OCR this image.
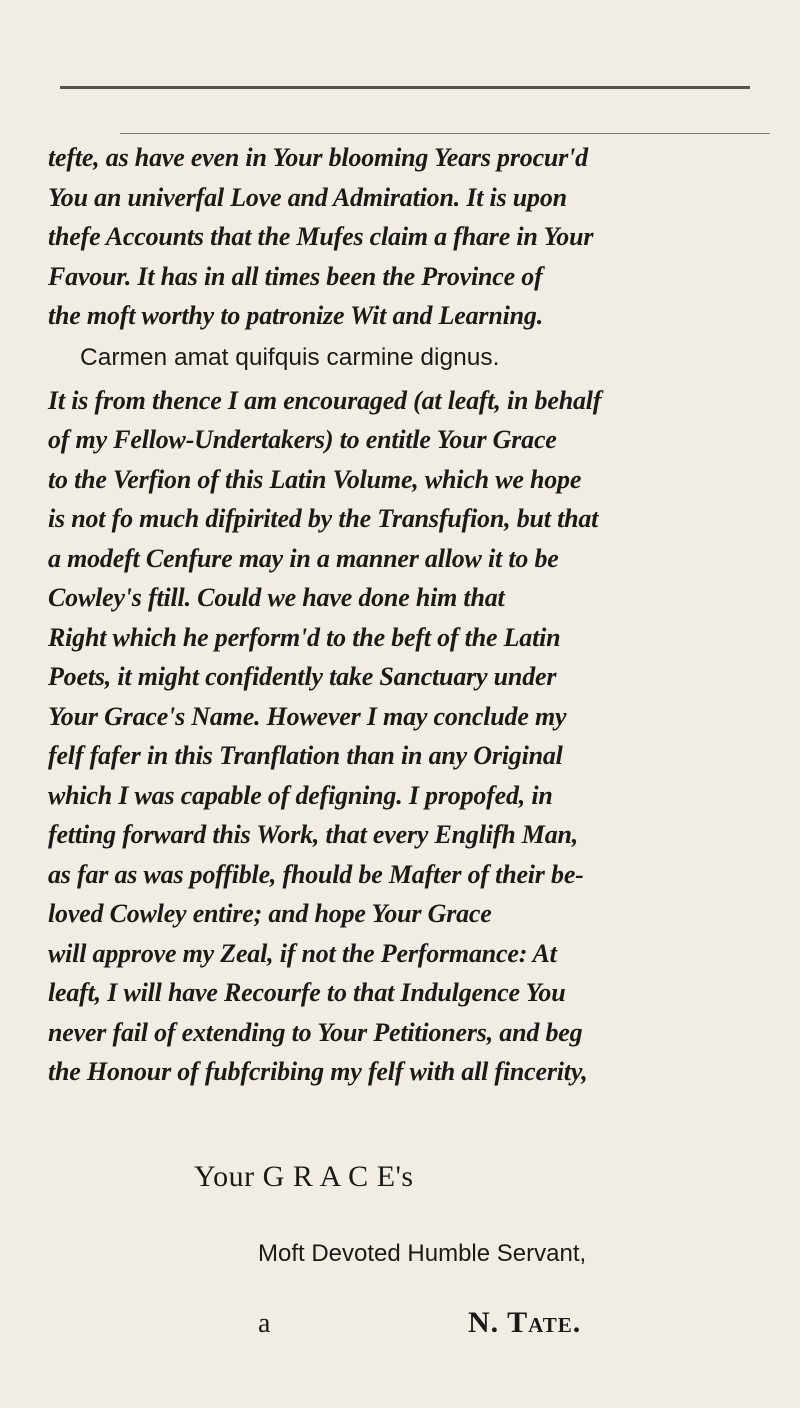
tefte, as have even in Your blooming Years procur'd

You an univerfal Love and Admiration. It is upon

thefe Accounts that the Mufes claim a fhare in Your

Favour. It has in all times been the Province of

the moft worthy to patronize Wit and Learning.

Carmen amat quifquis carmine dignus.

It is from thence I am encouraged (at leaft, in behalf

of my Fellow-Undertakers) to entitle Your Grace

to the Verfion of this Latin Volume, which we hope

is not fo much difpirited by the Transfufion, but that

a modeft Cenfure may in a manner allow it to be

Cowley's ftill. Could we have done him that

Right which he perform'd to the beft of the Latin

Poets, it might confidently take Sanctuary under

Your Grace's Name. However I may conclude my

felf fafer in this Tranflation than in any Original

which I was capable of defigning. I propofed, in

fetting forward this Work, that every Englifh Man,

as far as was poffible, fhould be Mafter of their be-

loved Cowley entire; and hope Your Grace

will approve my Zeal, if not the Performance: At

leaft, I will have Recourfe to that Indulgence You

never fail of extending to Your Petitioners, and beg

the Honour of fubfcribing my felf with all fincerity,

Your G R A C E's
Moft Devoted Humble Servant,
a	N. Tate.
